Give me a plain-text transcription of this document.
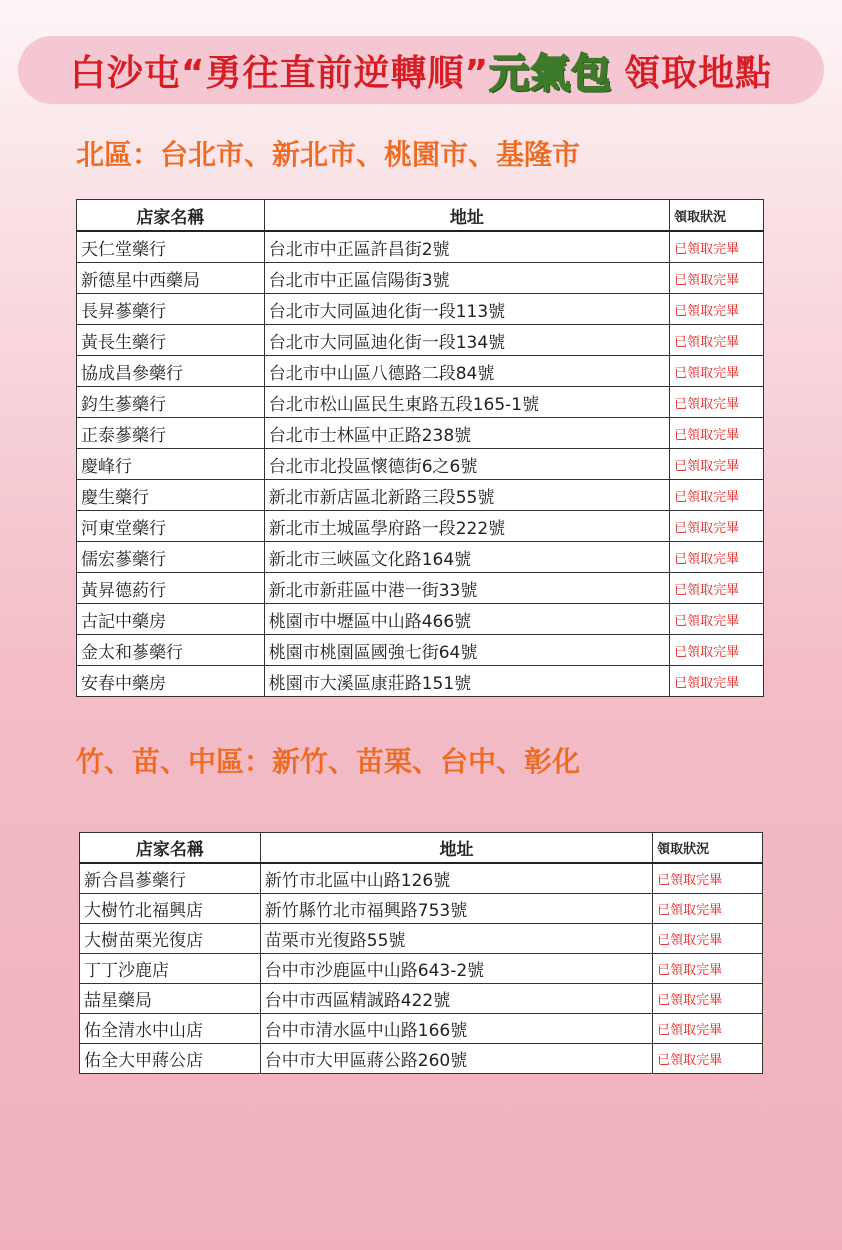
白沙屯 “勇往直前逆轉順” 元氣包 領取地點
北區：台北市、新北市、桃園市、基隆市
店家名稱	地址	領取狀況
天仁堂藥行	台北市中正區許昌街2號	已領取完畢
新德星中西藥局	台北市中正區信陽街3號	已領取完畢
長昇蔘藥行	台北市大同區迪化街一段113號	已領取完畢
黃長生藥行	台北市大同區迪化街一段134號	已領取完畢
協成昌參藥行	台北市中山區八德路二段84號	已領取完畢
鈞生蔘藥行	台北市松山區民生東路五段165-1號	已領取完畢
正泰蔘藥行	台北市士林區中正路238號	已領取完畢
慶峰行	台北市北投區懷德街6之6號	已領取完畢
慶生藥行	新北市新店區北新路三段55號	已領取完畢
河東堂藥行	新北市土城區學府路一段222號	已領取完畢
儒宏蔘藥行	新北市三峽區文化路164號	已領取完畢
黃昇德葯行	新北市新莊區中港一街33號	已領取完畢
古記中藥房	桃園市中壢區中山路466號	已領取完畢
金太和蔘藥行	桃園市桃園區國強七街64號	已領取完畢
安春中藥房	桃園市大溪區康莊路151號	已領取完畢
竹、苗、中區：新竹、苗栗、台中、彰化
店家名稱	地址	領取狀況
新合昌蔘藥行	新竹市北區中山路126號	已領取完畢
大樹竹北福興店	新竹縣竹北市福興路753號	已領取完畢
大樹苗栗光復店	苗栗市光復路55號	已領取完畢
丁丁沙鹿店	台中市沙鹿區中山路643-2號	已領取完畢
喆星藥局	台中市西區精誠路422號	已領取完畢
佑全清水中山店	台中市清水區中山路166號	已領取完畢
佑全大甲蔣公店	台中市大甲區蔣公路260號	已領取完畢
